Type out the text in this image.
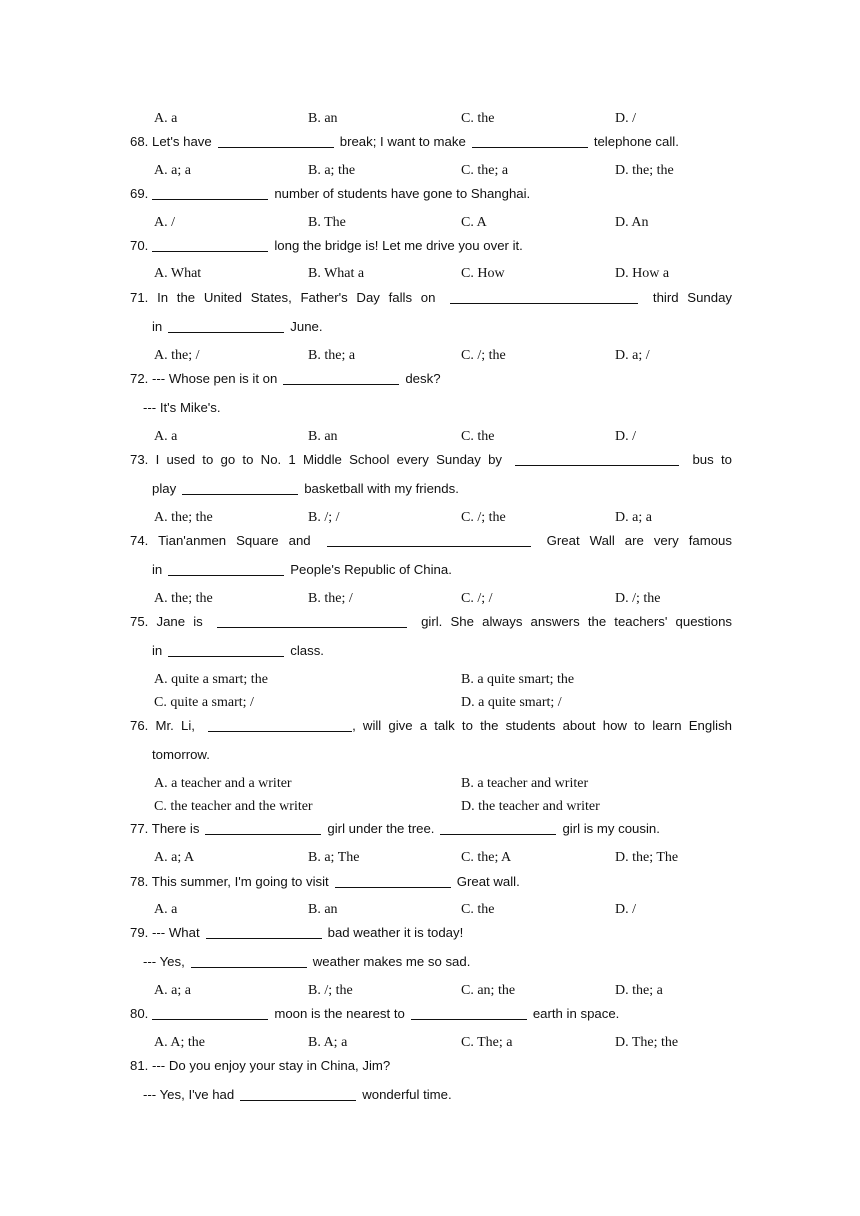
A. a	B. an	C. the	D. /
68. Let's have	break; I want to make	telephone call.
A. a; a	B. a; the	C. the; a	D. the; the
69.	number of students have gone to Shanghai.
A. /	B. The	C. A	D. An
70.	long the bridge is! Let me drive you over it.
A. What	B. What a	C. How	D. How a
71. In the United States, Father's Day falls on	third Sunday
in	June.
A. the; /	B. the; a	C. /; the	D. a; /
72. --- Whose pen is it on	desk?
--- It's Mike's.
A. a	B. an	C. the	D. /
73. I used to go to No. 1 Middle School every Sunday by	bus to
play	basketball with my friends.
A. the; the	B. /; /	C. /; the	D. a; a
74. Tian'anmen Square and	Great Wall are very famous
in	People's Republic of China.
A. the; the	B. the; /	C. /; /	D. /; the
75. Jane is	girl. She always answers the teachers' questions
in	class.
A. quite a smart; the	B. a quite smart; the
C. quite a smart; /	D. a quite smart; /
76. Mr. Li,	, will give a talk to the students about how to learn English
tomorrow.
A. a teacher and a writer	B. a teacher and writer
C. the teacher and the writer	D. the teacher and writer
77. There is	girl under the tree.	girl is my cousin.
A. a; A	B. a; The	C. the; A	D. the; The
78. This summer, I'm going to visit	Great wall.
A. a	B. an	C. the	D. /
79. --- What	bad weather it is today!
--- Yes,	weather makes me so sad.
A. a; a	B. /; the	C. an; the	D. the; a
80.	moon is the nearest to	earth in space.
A. A; the	B. A; a	C. The; a	D. The; the
81. --- Do you enjoy your stay in China, Jim?
--- Yes, I've had	wonderful time.
